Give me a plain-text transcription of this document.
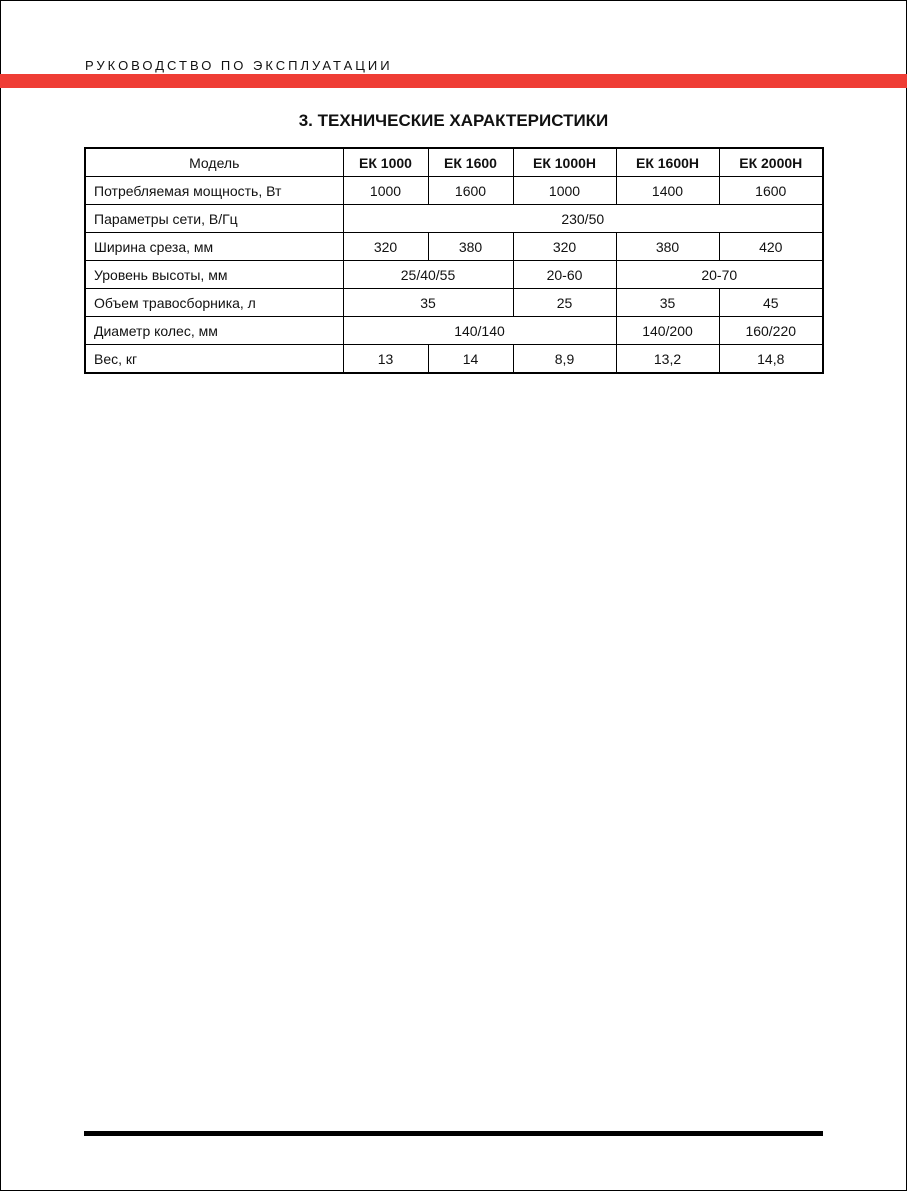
РУКОВОДСТВО ПО ЭКСПЛУАТАЦИИ
3. ТЕХНИЧЕСКИЕ ХАРАКТЕРИСТИКИ
Модель	ЕК 1000	ЕК 1600	ЕК 1000Н	ЕК 1600Н	ЕК 2000Н
Потребляемая мощность, Вт	1000	1600	1000	1400	1600
Параметры сети, В/Гц	230/50				
Ширина среза, мм	320	380	320	380	420
Уровень высоты, мм	25/40/55		20-60	20-70	
Объем травосборника, л	35		25	35	45
Диаметр колес, мм	140/140			140/200	160/220
Вес, кг	13	14	8,9	13,2	14,8
